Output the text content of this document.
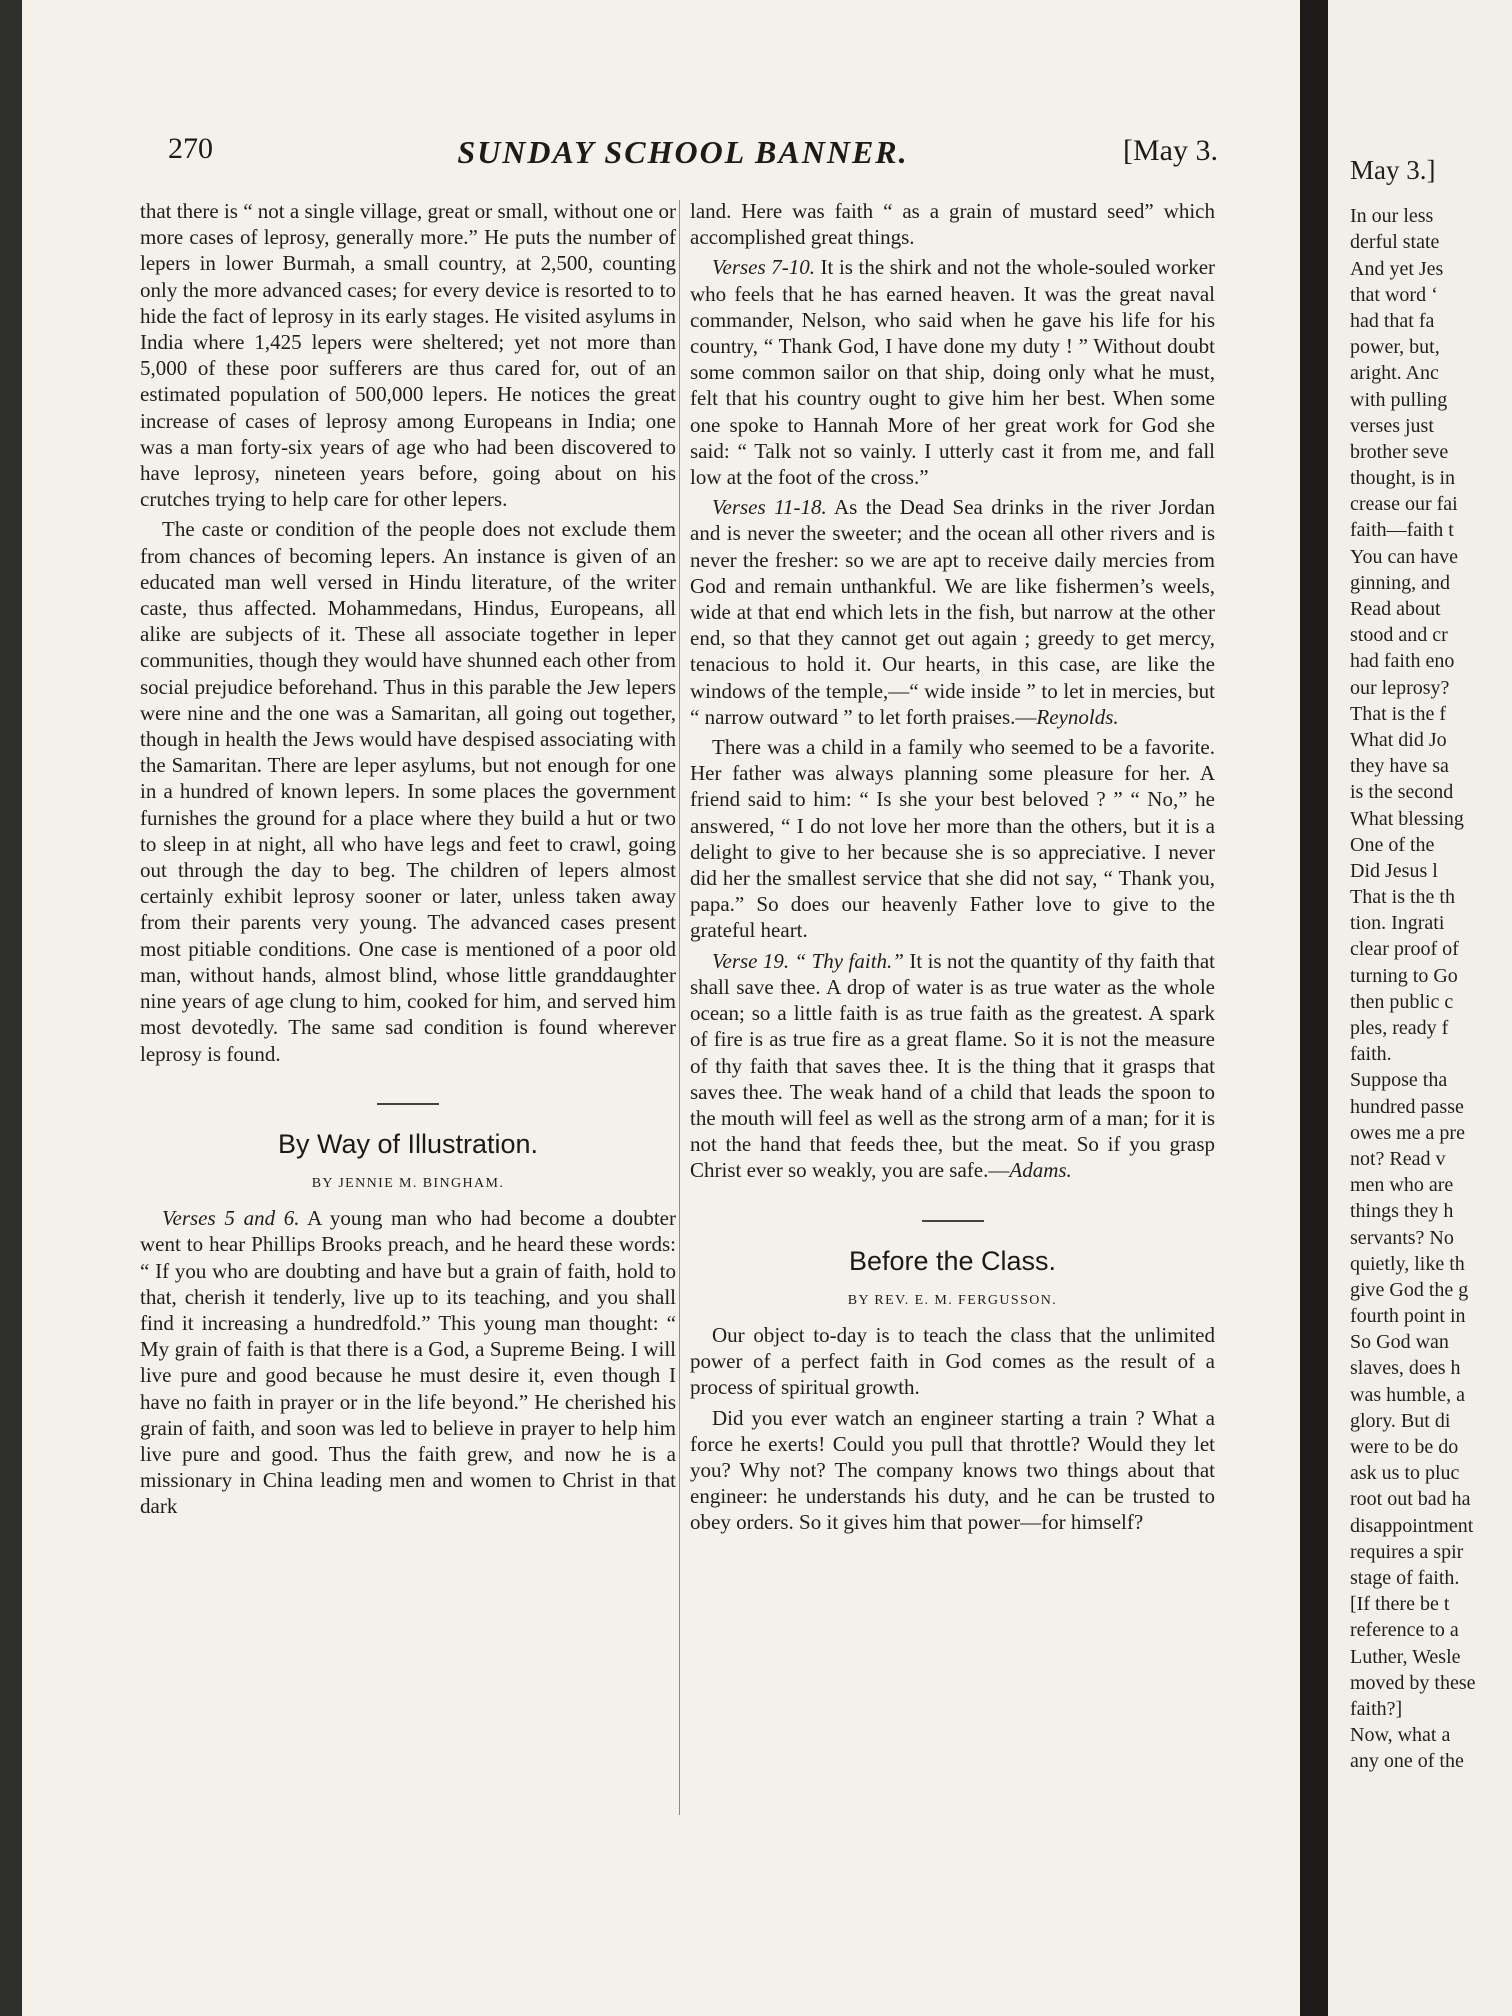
270	SUNDAY SCHOOL BANNER.	[May 3.

that there is “ not a single village, great or small, without one or more cases of leprosy, generally more.” He puts the number of lepers in lower Burmah, a small country, at 2,500, counting only the more advanced cases; for every device is resorted to to hide the fact of leprosy in its early stages. He visited asylums in India where 1,425 lepers were sheltered; yet not more than 5,000 of these poor sufferers are thus cared for, out of an estimated population of 500,000 lepers. He notices the great increase of cases of leprosy among Europeans in India; one was a man forty-six years of age who had been discovered to have leprosy, nineteen years before, going about on his crutches trying to help care for other lepers.

The caste or condition of the people does not exclude them from chances of becoming lepers. An instance is given of an educated man well versed in Hindu literature, of the writer caste, thus affected. Mohammedans, Hindus, Europeans, all alike are subjects of it. These all associate together in leper communities, though they would have shunned each other from social prejudice beforehand. Thus in this parable the Jew lepers were nine and the one was a Samaritan, all going out together, though in health the Jews would have despised associating with the Samaritan. There are leper asylums, but not enough for one in a hundred of known lepers. In some places the government furnishes the ground for a place where they build a hut or two to sleep in at night, all who have legs and feet to crawl, going out through the day to beg. The children of lepers almost certainly exhibit leprosy sooner or later, unless taken away from their parents very young. The advanced cases present most pitiable conditions. One case is mentioned of a poor old man, without hands, almost blind, whose little granddaughter nine years of age clung to him, cooked for him, and served him most devotedly. The same sad condition is found wherever leprosy is found.

By Way of Illustration.
BY JENNIE M. BINGHAM.

Verses 5 and 6. A young man who had become a doubter went to hear Phillips Brooks preach, and he heard these words: “ If you who are doubting and have but a grain of faith, hold to that, cherish it tenderly, live up to its teaching, and you shall find it increasing a hundredfold.” This young man thought: “ My grain of faith is that there is a God, a Supreme Being. I will live pure and good because he must desire it, even though I have no faith in prayer or in the life beyond.” He cherished his grain of faith, and soon was led to believe in prayer to help him live pure and good. Thus the faith grew, and now he is a missionary in China leading men and women to Christ in that dark

land. Here was faith “ as a grain of mustard seed” which accomplished great things.

Verses 7-10. It is the shirk and not the whole-souled worker who feels that he has earned heaven. It was the great naval commander, Nelson, who said when he gave his life for his country, “ Thank God, I have done my duty ! ” Without doubt some common sailor on that ship, doing only what he must, felt that his country ought to give him her best. When some one spoke to Hannah More of her great work for God she said: “ Talk not so vainly. I utterly cast it from me, and fall low at the foot of the cross.”

Verses 11-18. As the Dead Sea drinks in the river Jordan and is never the sweeter; and the ocean all other rivers and is never the fresher: so we are apt to receive daily mercies from God and remain unthankful. We are like fishermen’s weels, wide at that end which lets in the fish, but narrow at the other end, so that they cannot get out again ; greedy to get mercy, tenacious to hold it. Our hearts, in this case, are like the windows of the temple,—“ wide inside ” to let in mercies, but “ narrow outward ” to let forth praises.—Reynolds.

There was a child in a family who seemed to be a favorite. Her father was always planning some pleasure for her. A friend said to him: “ Is she your best beloved ? ” “ No,” he answered, “ I do not love her more than the others, but it is a delight to give to her because she is so appreciative. I never did her the smallest service that she did not say, “ Thank you, papa.” So does our heavenly Father love to give to the grateful heart.

Verse 19. “ Thy faith.” It is not the quantity of thy faith that shall save thee. A drop of water is as true water as the whole ocean; so a little faith is as true faith as the greatest. A spark of fire is as true fire as a great flame. So it is not the measure of thy faith that saves thee. It is the thing that it grasps that saves thee. The weak hand of a child that leads the spoon to the mouth will feel as well as the strong arm of a man; for it is not the hand that feeds thee, but the meat. So if you grasp Christ ever so weakly, you are safe.—Adams.

Before the Class.
BY REV. E. M. FERGUSSON.

Our object to-day is to teach the class that the unlimited power of a perfect faith in God comes as the result of a process of spiritual growth.

Did you ever watch an engineer starting a train ? What a force he exerts! Could you pull that throttle? Would they let you? Why not? The company knows two things about that engineer: he understands his duty, and he can be trusted to obey orders. So it gives him that power—for himself?

May 3.]
In our less
derful state
And yet Jes
that word ‘
had that fa
power, but,
aright. Anc
with pulling
verses just
brother seve
thought, is in
crease our fai
faith—faith t
You can have
ginning, and
Read about
stood and cr
had faith eno
our leprosy?
That is the f
What did Jo
they have sa
is the second
What blessing
One of the
Did Jesus l
That is the th
tion. Ingrati
clear proof of
turning to Go
then public c
ples, ready f
faith.
Suppose tha
hundred passe
owes me a pre
not? Read v
men who are
things they h
servants? No
quietly, like th
give God the g
fourth point in
So God wan
slaves, does h
was humble, a
glory. But di
were to be do
ask us to pluc
root out bad ha
disappointment
requires a spir
stage of faith.
[If there be t
reference to a
Luther, Wesle
moved by these
faith?]
Now, what a
any one of the
